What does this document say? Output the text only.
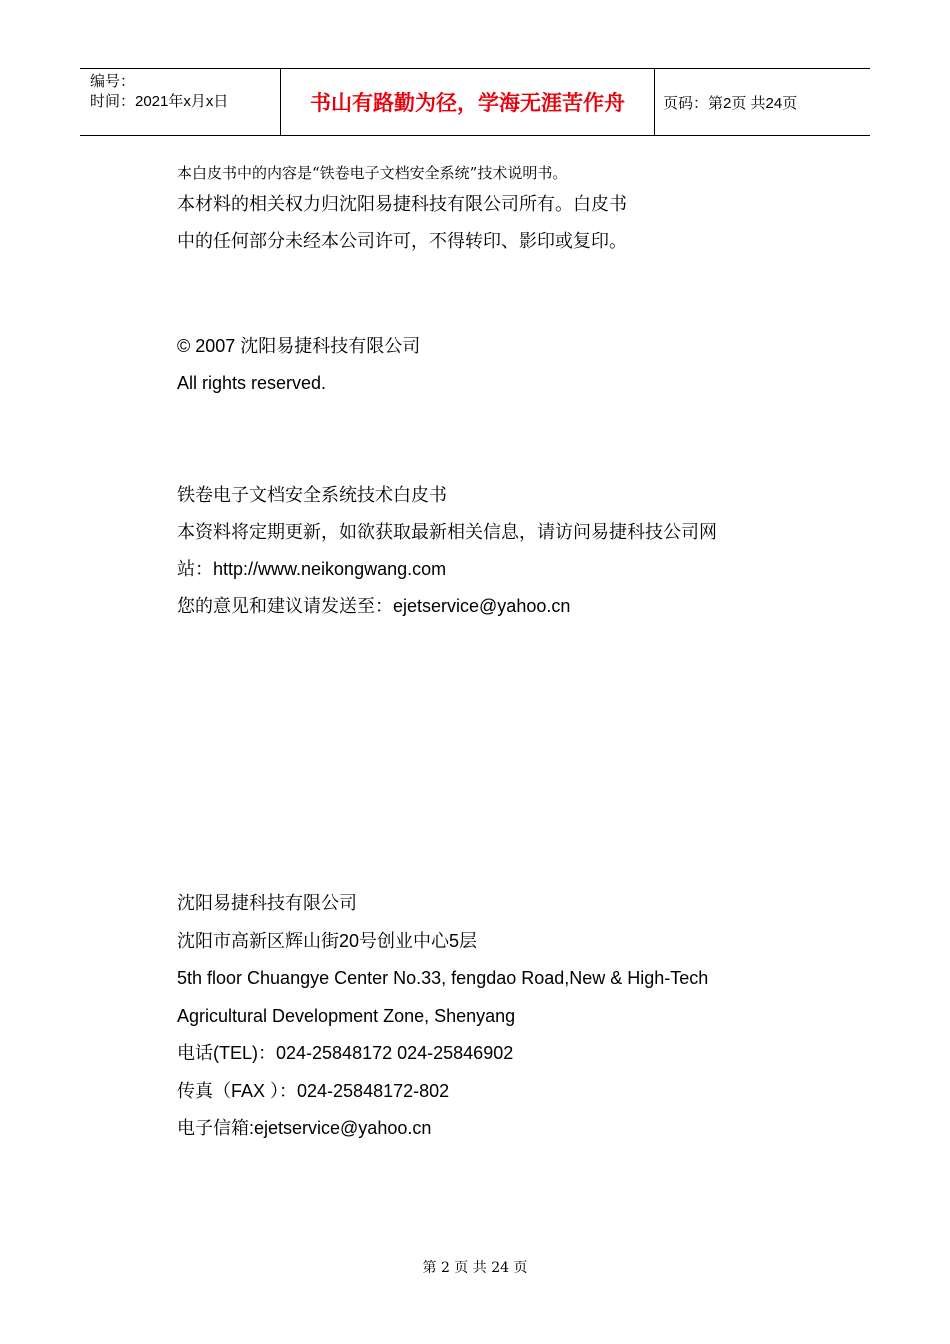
编号：
时间：2021年x月x日	书山有路勤为径，学海无涯苦作舟	页码：第2页 共24页
本白皮书中的内容是“铁卷电子文档安全系统”技术说明书。
本材料的相关权力归沈阳易捷科技有限公司所有。白皮书
中的任何部分未经本公司许可，不得转印、影印或复印。
© 2007 沈阳易捷科技有限公司
All rights reserved.
铁卷电子文档安全系统技术白皮书
本资料将定期更新，如欲获取最新相关信息，请访问易捷科技公司网
站：http://www.neikongwang.com
您的意见和建议请发送至：ejetservice@yahoo.cn
沈阳易捷科技有限公司
沈阳市高新区辉山街20号创业中心5层
5th floor Chuangye Center No.33, fengdao Road,New & High-Tech
Agricultural Development Zone, Shenyang
电话(TEL)：024-25848172 024-25846902
传真（FAX ）：024-25848172-802
电子信箱:ejetservice@yahoo.cn
第 2 页 共 24 页
